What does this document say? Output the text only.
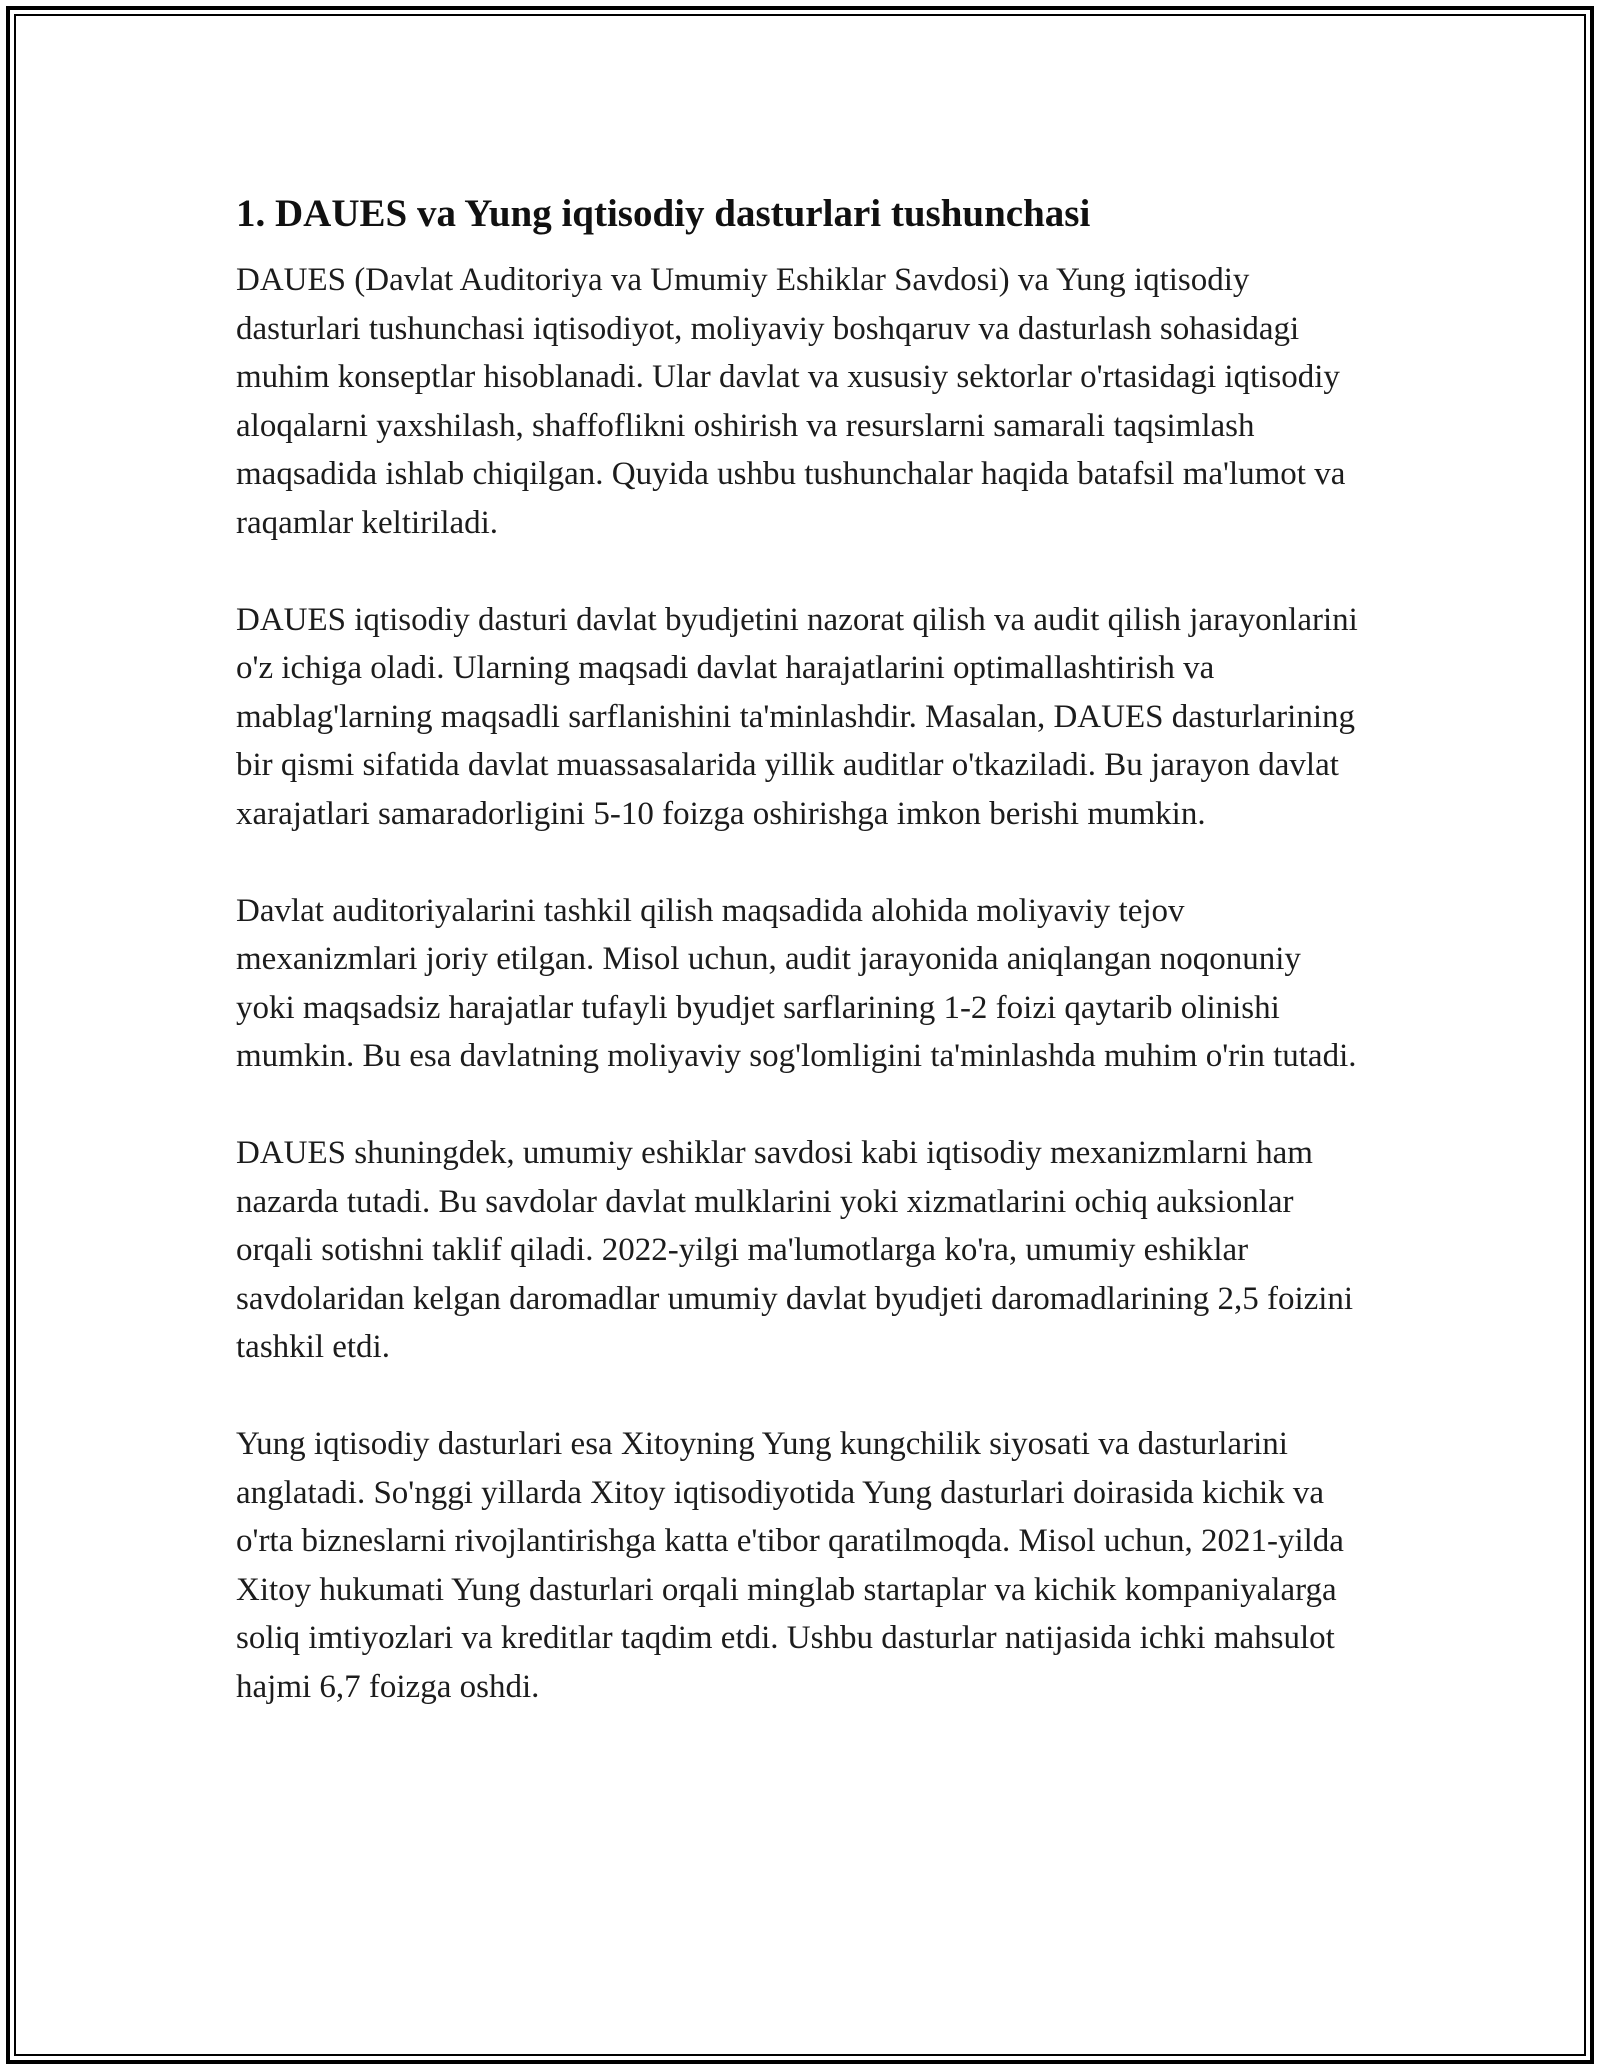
1. DAUES va Yung iqtisodiy dasturlari tushunchasi

DAUES (Davlat Auditoriya va Umumiy Eshiklar Savdosi) va Yung iqtisodiy dasturlari tushunchasi iqtisodiyot, moliyaviy boshqaruv va dasturlash sohasidagi muhim konseptlar hisoblanadi. Ular davlat va xususiy sektorlar o'rtasidagi iqtisodiy aloqalarni yaxshilash, shaffoflikni oshirish va resurslarni samarali taqsimlash maqsadida ishlab chiqilgan. Quyida ushbu tushunchalar haqida batafsil ma'lumot va raqamlar keltiriladi.

DAUES iqtisodiy dasturi davlat byudjetini nazorat qilish va audit qilish jarayonlarini o'z ichiga oladi. Ularning maqsadi davlat harajatlarini optimallashtirish va mablag'larning maqsadli sarflanishini ta'minlashdir. Masalan, DAUES dasturlarining bir qismi sifatida davlat muassasalarida yillik auditlar o'tkaziladi. Bu jarayon davlat xarajatlari samaradorligini 5-10 foizga oshirishga imkon berishi mumkin.

Davlat auditoriyalarini tashkil qilish maqsadida alohida moliyaviy tejov mexanizmlari joriy etilgan. Misol uchun, audit jarayonida aniqlangan noqonuniy yoki maqsadsiz harajatlar tufayli byudjet sarflarining 1-2 foizi qaytarib olinishi mumkin. Bu esa davlatning moliyaviy sog'lomligini ta'minlashda muhim o'rin tutadi.

DAUES shuningdek, umumiy eshiklar savdosi kabi iqtisodiy mexanizmlarni ham nazarda tutadi. Bu savdolar davlat mulklarini yoki xizmatlarini ochiq auksionlar orqali sotishni taklif qiladi. 2022-yilgi ma'lumotlarga ko'ra, umumiy eshiklar savdolaridan kelgan daromadlar umumiy davlat byudjeti daromadlarining 2,5 foizini tashkil etdi.

Yung iqtisodiy dasturlari esa Xitoyning Yung kungchilik siyosati va dasturlarini anglatadi. So'nggi yillarda Xitoy iqtisodiyotida Yung dasturlari doirasida kichik va o'rta bizneslarni rivojlantirishga katta e'tibor qaratilmoqda. Misol uchun, 2021-yilda Xitoy hukumati Yung dasturlari orqali minglab startaplar va kichik kompaniyalarga soliq imtiyozlari va kreditlar taqdim etdi. Ushbu dasturlar natijasida ichki mahsulot hajmi 6,7 foizga oshdi.
